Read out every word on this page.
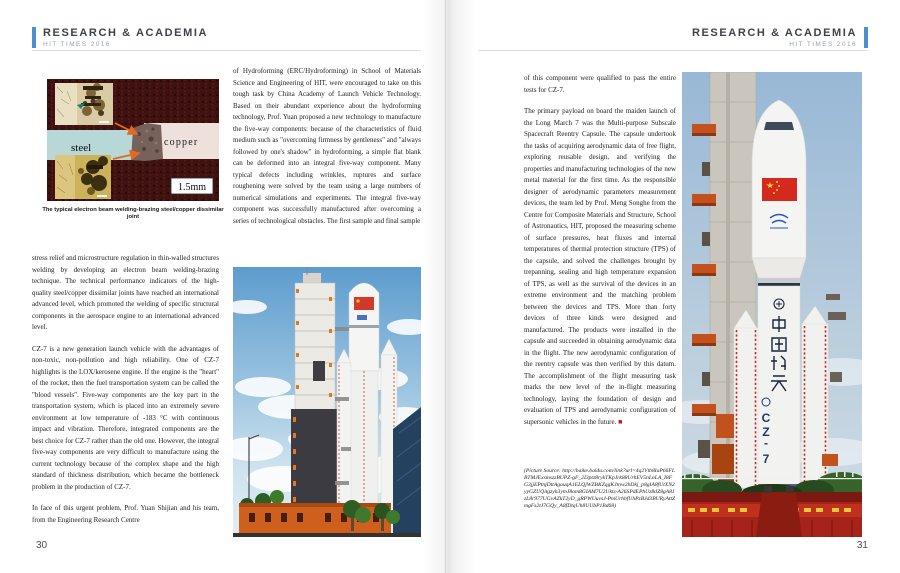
RESEARCH & ACADEMIA
HIT TIMES 2016
steel	copper
1.5mm
The typical electron beam welding-brazing steel/copper dissimilar joint

stress relief and microstructure regulation in thin-walled structures welding by developing an electron beam welding-brazing technique. The technical performance indicators of the high-quality steel/copper dissimilar joints have reached an international advanced level, which promoted the welding of specific structural components in the aerospace engine to an international advanced level.

CZ-7 is a new generation launch vehicle with the advantages of non-toxic, non-pollution and high reliability. One of CZ-7 highlights is the LOX/kerosene engine. If the engine is the "heart" of the rocket, then the fuel transportation system can be called the "blood vessels". Five-way components are the key part in the transportation system, which is placed into an extremely severe environment at low temperature of -183 °C with continuous impact and vibration. Therefore, integrated components are the best choice for CZ-7 rather than the old one. However, the integral five-way components are very difficult to manufacture using the current technology because of the complex shape and the high standard of thickness distribution, which became the bottleneck problem in the production of CZ-7.

In face of this urgent problem, Prof. Yuan Shijian and his team, from the Engineering Research Centre

of Hydroforming (ERC/Hydroforming) in School of Materials Science and Engineering of HIT, were encouraged to take on this tough task by China Academy of Launch Vehicle Technology. Based on their abundant experience about the hydroforming technology, Prof. Yuan proposed a new technology to manufacture the five-way components: because of the characteristics of fluid medium such as "overcoming firmness by gentleness" and "always followed by one's shadow" in hydroforming, a simple flat blank can be deformed into an integral five-way component. Many typical defects including wrinkles, ruptures and surface roughening were solved by the team using a large numbers of numerical simulations and experiments. The integral five-way component was successfully manufactured after overcoming a series of technological obstacles. The first sample and final sample

30
RESEARCH & ACADEMIA
HIT TIMES 2016

of this component were qualified to pass the entire tests for CZ-7.

The primary payload on board the maiden launch of the Long March 7 was the Multi-purpose Subscale Spacecraft Reentry Capsule. The capsule undertook the tasks of acquiring aerodynamic data of free flight, exploring reusable design, and verifying the properties and manufacturing technologies of the new metal material for the first time. As the responsible designer of aerodynamic parameters measurement devices, the team led by Prof. Meng Songhe from the Centre for Composite Materials and Structure, School of Astronautics, HIT, proposed the measuring scheme of surface pressures, heat fluxes and internal temperatures of thermal protection structure (TPS) of the capsule, and solved the challenges brought by trepanning, sealing and high temperature expansion of TPS, as well as the survival of the devices in an extreme environment and the matching problem between the devices and TPS. More than forty devices of three kinds were designed and manufactured. The products were installed in the capsule and succeeded in obtaining aerodynamic data in the flight. The new aerodynamic configuration of the reentry capsule was then verified by this datum. The accomplishment of the flight measuring task marks the new level of the in-flight measuring technology, laying the foundation of design and evaluation of TPS and aerodynamic configuration of supersonic vehicles in the future. ■

(Picture Source: http://baike.baidu.com/link?url=4q2Vtb8IaP66FLBTMJExsmszzBUPZ-gF_2I3ptz8rykTKpJrk88UrhEV5nLnLA_I8FG3jjEPtnjDttAgauqA1ELQjWZBKZqgKJtnw2bDkj_p8gIA8fUtXN2yyGZUQitgzyh3ymJ8am8GIAM7U2Ukts-A26SPdEPhUz8dZ8gA8JzL8r977UGvAZkT2yD_gRPWUuvsJ-PmUrhhfUhPzBJd3BURyAttZmgFs2tJ7GQy_A8fDtqUh8UUbP1Bd68)
C
Z
-
7
31
